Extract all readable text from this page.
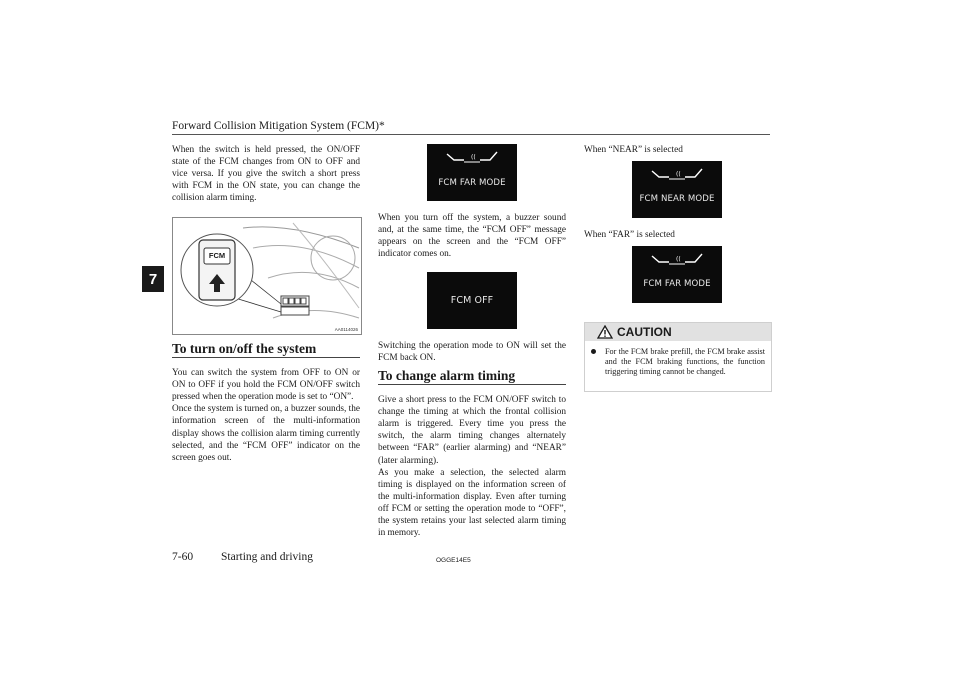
Forward Collision Mitigation System (FCM)*
7

When the switch is held pressed, the ON/OFF state of the FCM changes from ON to OFF and vice versa. If you give the switch a short press with FCM in the ON state, you can change the collision alarm timing.

FCM
AA0114026
To turn on/off the system

You can switch the system from OFF to ON or ON to OFF if you hold the FCM ON/OFF switch pressed when the operation mode is set to “ON”.

Once the system is turned on, a buzzer sounds, the information screen of the multi-information display shows the collision alarm timing currently selected, and the “FCM OFF” indicator on the screen goes out.

((
FCM FAR MODE

When you turn off the system, a buzzer sound and, at the same time, the “FCM OFF” message appears on the screen and the “FCM OFF” indicator comes on.

FCM OFF

Switching the operation mode to ON will set the FCM back ON.

To change alarm timing

Give a short press to the FCM ON/OFF switch to change the timing at which the frontal collision alarm is triggered. Every time you press the switch, the alarm timing changes alternately between “FAR” (earlier alarming) and “NEAR” (later alarming).

As you make a selection, the selected alarm timing is displayed on the information screen of the multi-information display. Even after turning off FCM or setting the operation mode to “OFF”, the system retains your last selected alarm timing in memory.

When “NEAR” is selected
((
FCM NEAR MODE
When “FAR” is selected
((
FCM FAR MODE
CAUTION
For the FCM brake prefill, the FCM brake assist and the FCM braking functions, the function triggering timing cannot be changed.
7-60 Starting and driving	OGGE14E5
